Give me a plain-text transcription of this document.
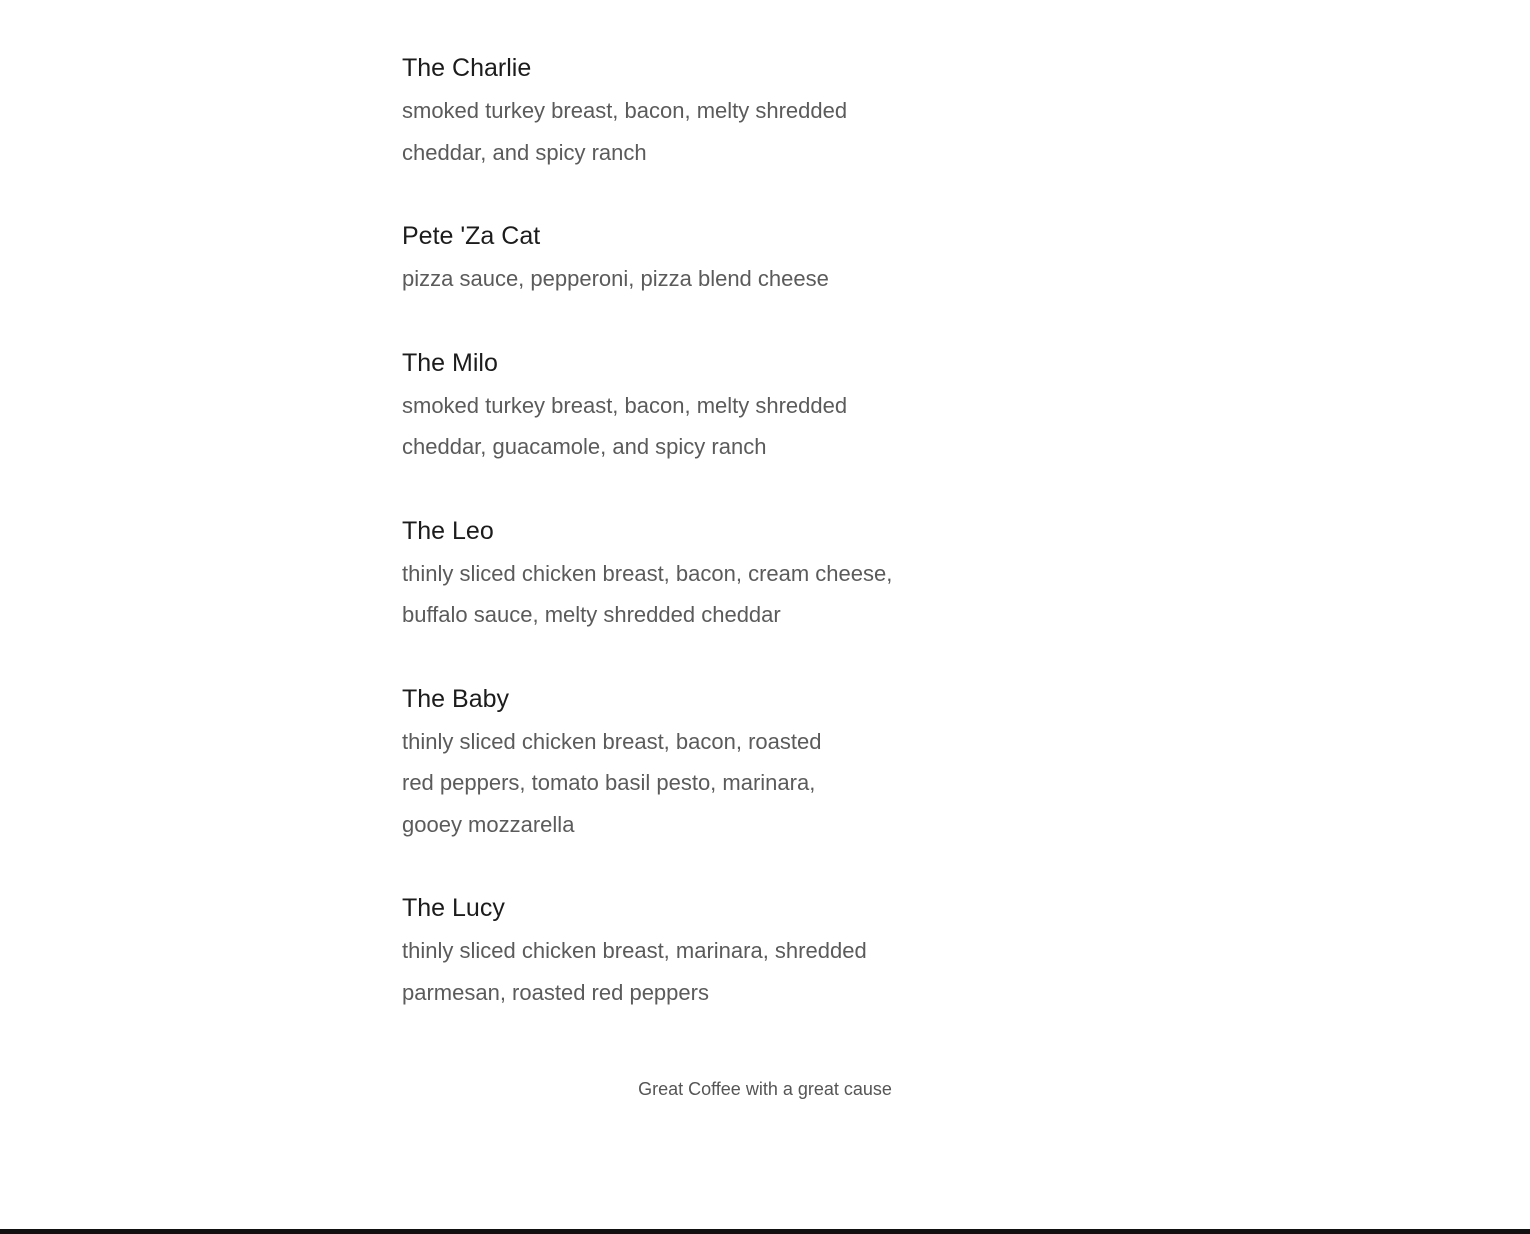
The Charlie
smoked turkey breast, bacon, melty shredded
cheddar, and spicy ranch
Pete 'Za Cat
pizza sauce, pepperoni, pizza blend cheese
The Milo
smoked turkey breast, bacon, melty shredded
cheddar, guacamole, and spicy ranch
The Leo
thinly sliced chicken breast, bacon, cream cheese,
buffalo sauce, melty shredded cheddar
The Baby
thinly sliced chicken breast, bacon, roasted
red peppers, tomato basil pesto, marinara,
gooey mozzarella
The Lucy
thinly sliced chicken breast, marinara, shredded
parmesan, roasted red peppers
Great Coffee with a great cause
